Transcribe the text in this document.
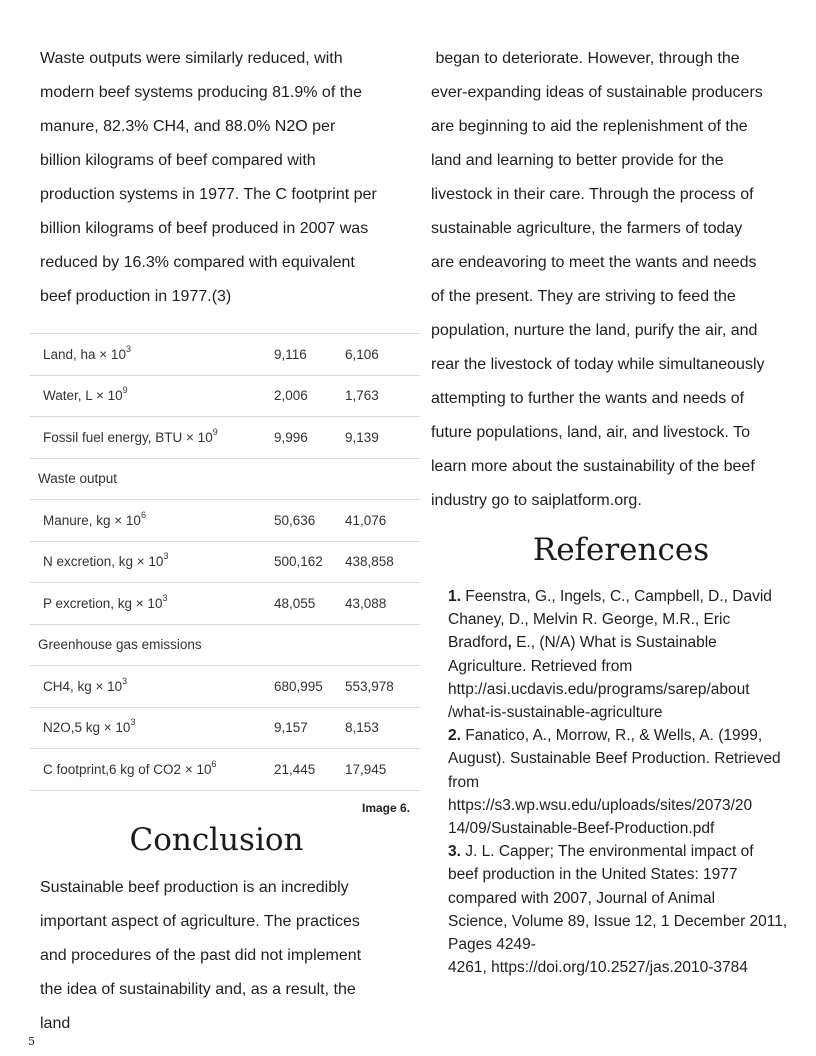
Waste outputs were similarly reduced, with
modern beef systems producing 81.9% of the
manure, 82.3% CH4, and 88.0% N2O per
billion kilograms of beef compared with
production systems in 1977. The C footprint per
billion kilograms of beef produced in 2007 was
reduced by 16.3% compared with equivalent
beef production in 1977.(3)

Land, ha × $10^3$	9,116	6,106
Water, $L \times 10^9$	2,006	1,763
Fossil fuel energy, BTU × $10^9$	9,996	9,139
Waste output
Manure, kg × $10^6$	50,636	41,076
N excretion, kg × $10^3$	500,162	438,858
P excretion, kg × $10^3$	48,055	43,088
Greenhouse gas emissions
CH4, kg × $10^3$	680,995	553,978
N2O,5 kg × $10^3$	9,157	8,153
C footprint,6 kg of $CO2 \times 10^6$	21,445	17,945
Image 6.
Conclusion

Sustainable beef production is an incredibly
important aspect of agriculture. The practices
and procedures of the past did not implement
the idea of sustainability and, as a result, the
land

began to deteriorate. However, through the
ever-expanding ideas of sustainable producers
are beginning to aid the replenishment of the
land and learning to better provide for the
livestock in their care. Through the process of
sustainable agriculture, the farmers of today
are endeavoring to meet the wants and needs
of the present. They are striving to feed the
population, nurture the land, purify the air, and
rear the livestock of today while simultaneously
attempting to further the wants and needs of
future populations, land, air, and livestock. To
learn more about the sustainability of the beef
industry go to saiplatform.org.

References
1. Feenstra, G., Ingels, C., Campbell, D., David
Chaney, D., Melvin R. George, M.R., Eric
Bradford, E., (N/A) What is Sustainable
Agriculture. Retrieved from
http://asi.ucdavis.edu/programs/sarep/about
/what-is-sustainable-agriculture
2. Fanatico, A., Morrow, R., & Wells, A. (1999,
August). Sustainable Beef Production. Retrieved
from
https://s3.wp.wsu.edu/uploads/sites/2073/20
14/09/Sustainable-Beef-Production.pdf
3. J. L. Capper; The environmental impact of
beef production in the United States: 1977
compared with 2007, Journal of Animal
Science, Volume 89, Issue 12, 1 December 2011,
Pages 4249-
4261, https://doi.org/10.2527/jas.2010-3784
5
